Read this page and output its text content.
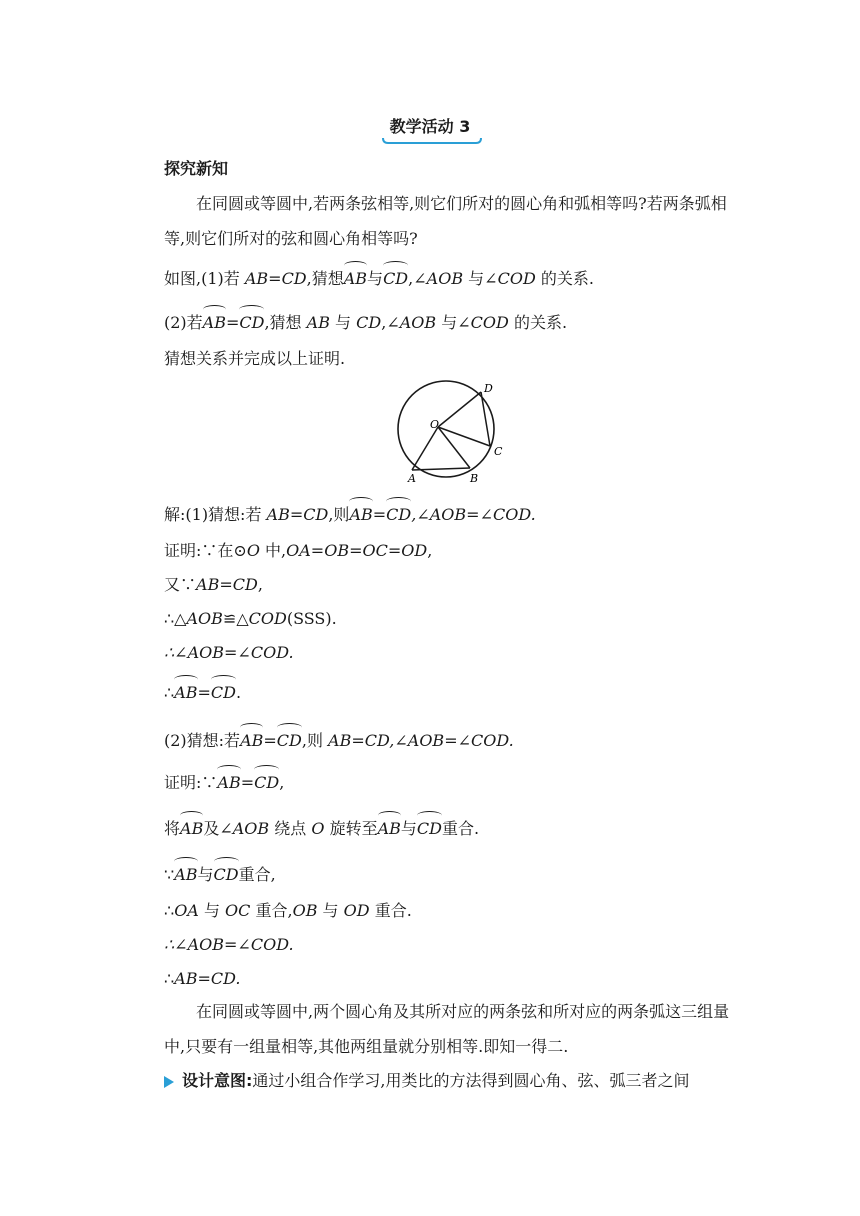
教学活动 3
探究新知
在同圆或等圆中,若两条弦相等,则它们所对的圆心角和弧相等吗?若两条弧相等,则它们所对的弦和圆心角相等吗?
如图,(1)若 AB=CD,猜想AB与CD,∠AOB 与∠COD 的关系.
(2)若AB=CD,猜想 AB 与 CD,∠AOB 与∠COD 的关系.
猜想关系并完成以上证明.
O
A	B
C
D
解:(1)猜想:若 AB=CD,则AB=CD,∠AOB=∠COD.
证明:∵在⊙O 中,OA=OB=OC=OD,
又∵AB=CD,
∴△AOB≌△COD(SSS).
∴∠AOB=∠COD.
∴AB=CD.
(2)猜想:若AB=CD,则 AB=CD,∠AOB=∠COD.
证明:∵AB=CD,
将AB及∠AOB 绕点 O 旋转至AB与CD重合.
∵AB与CD重合,
∴OA 与 OC 重合,OB 与 OD 重合.
∴∠AOB=∠COD.
∴AB=CD.
在同圆或等圆中,两个圆心角及其所对应的两条弦和所对应的两条弧这三组量中,只要有一组量相等,其他两组量就分别相等.即知一得二.
设计意图:通过小组合作学习,用类比的方法得到圆心角、弦、弧三者之间
